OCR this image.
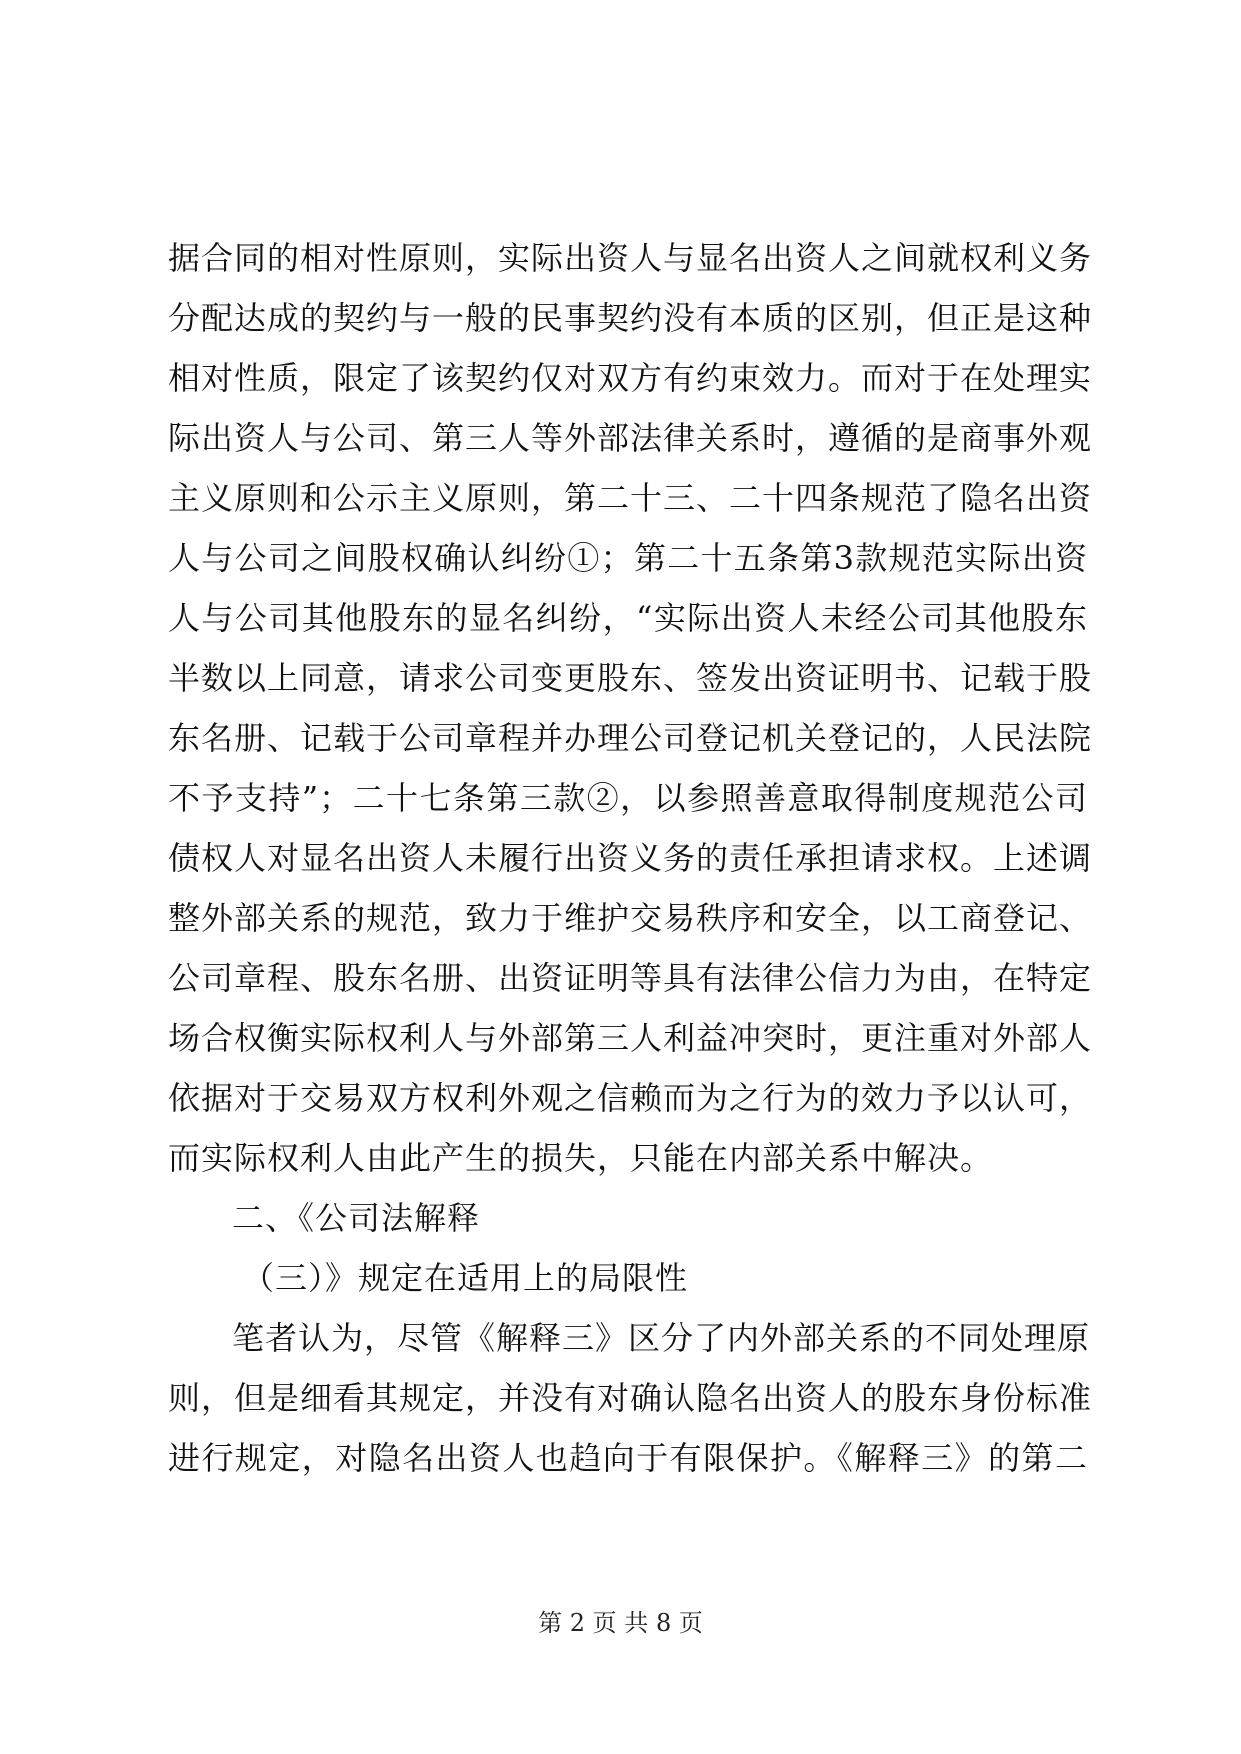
据合同的相对性原则，实际出资人与显名出资人之间就权利义务
分配达成的契约与一般的民事契约没有本质的区别，但正是这种
相对性质，限定了该契约仅对双方有约束效力。而对于在处理实
际出资人与公司、第三人等外部法律关系时，遵循的是商事外观
主义原则和公示主义原则，第二十三、二十四条规范了隐名出资
人与公司之间股权确认纠纷①；第二十五条第3款规范实际出资
人与公司其他股东的显名纠纷，“实际出资人未经公司其他股东
半数以上同意，请求公司变更股东、签发出资证明书、记载于股
东名册、记载于公司章程并办理公司登记机关登记的，人民法院
不予支持”；二十七条第三款②，以参照善意取得制度规范公司
债权人对显名出资人未履行出资义务的责任承担请求权。上述调
整外部关系的规范，致力于维护交易秩序和安全，以工商登记、
公司章程、股东名册、出资证明等具有法律公信力为由，在特定
场合权衡实际权利人与外部第三人利益冲突时，更注重对外部人
依据对于交易双方权利外观之信赖而为之行为的效力予以认可，
而实际权利人由此产生的损失，只能在内部关系中解决。
二、《公司法解释
（三）》规定在适用上的局限性
笔者认为，尽管《解释三》区分了内外部关系的不同处理原
则，但是细看其规定，并没有对确认隐名出资人的股东身份标准
进行规定，对隐名出资人也趋向于有限保护。《解释三》的第二
第 2 页 共 8 页
